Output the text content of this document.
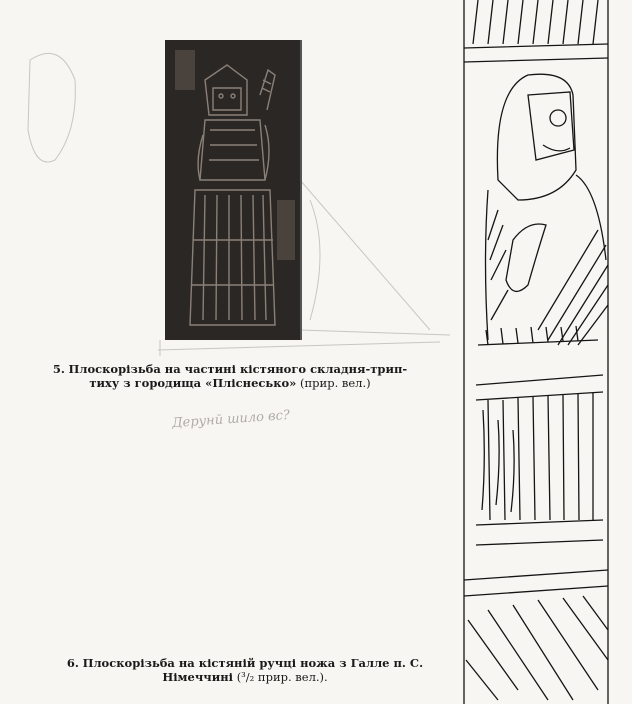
5. Плоскорізьба на частині кістяного складня-трип-
тиху з городища «Пліснесько» (прир. вел.)
Дерунй шило вс?
6. Плоскорізьба на кістяній ручці ножа з Галле п. С.
Німеччині (³/₂ прир. вел.).
